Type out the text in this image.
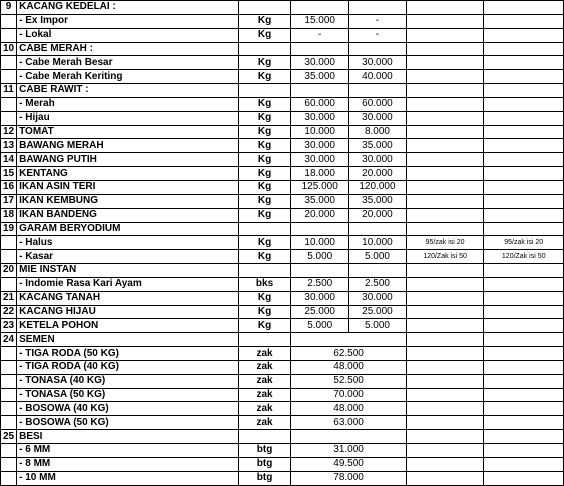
9	KACANG KEDELAI :					
	- Ex Impor	Kg	15.000	-		
	- Lokal	Kg	-	-		
10	CABE MERAH :					
	- Cabe Merah Besar	Kg	30.000	30.000		
	- Cabe Merah Keriting	Kg	35.000	40.000		
11	CABE RAWIT :					
	- Merah	Kg	60.000	60.000		
	- Hijau	Kg	30.000	30.000		
12	TOMAT	Kg	10.000	8.000		
13	BAWANG MERAH	Kg	30.000	35.000		
14	BAWANG PUTIH	Kg	30.000	30.000		
15	KENTANG	Kg	18.000	20.000		
16	IKAN ASIN TERI	Kg	125.000	120.000		
17	IKAN KEMBUNG	Kg	35.000	35.000		
18	IKAN BANDENG	Kg	20.000	20.000		
19	GARAM BERYODIUM					
	- Halus	Kg	10.000	10.000	95/zak isi 20	95/zak isi 20
	- Kasar	Kg	5.000	5.000	120/Zak isi 50	120/Zak isi 50
20	MIE INSTAN					
	- Indomie Rasa Kari Ayam	bks	2.500	2.500		
21	KACANG TANAH	Kg	30.000	30.000		
22	KACANG HIJAU	Kg	25.000	25.000		
23	KETELA POHON	Kg	5.000	5.000		
24	SEMEN					
	- TIGA RODA (50 KG)	zak	62.500			
	- TIGA RODA (40 KG)	zak	48.000			
	- TONASA (40 KG)	zak	52.500			
	- TONASA (50 KG)	zak	70.000			
	- BOSOWA (40 KG)	zak	48.000			
	- BOSOWA (50 KG)	zak	63.000			
25	BESI					
	- 6 MM	btg	31.000			
	- 8 MM	btg	49.500			
	- 10 MM	btg	78.000			
